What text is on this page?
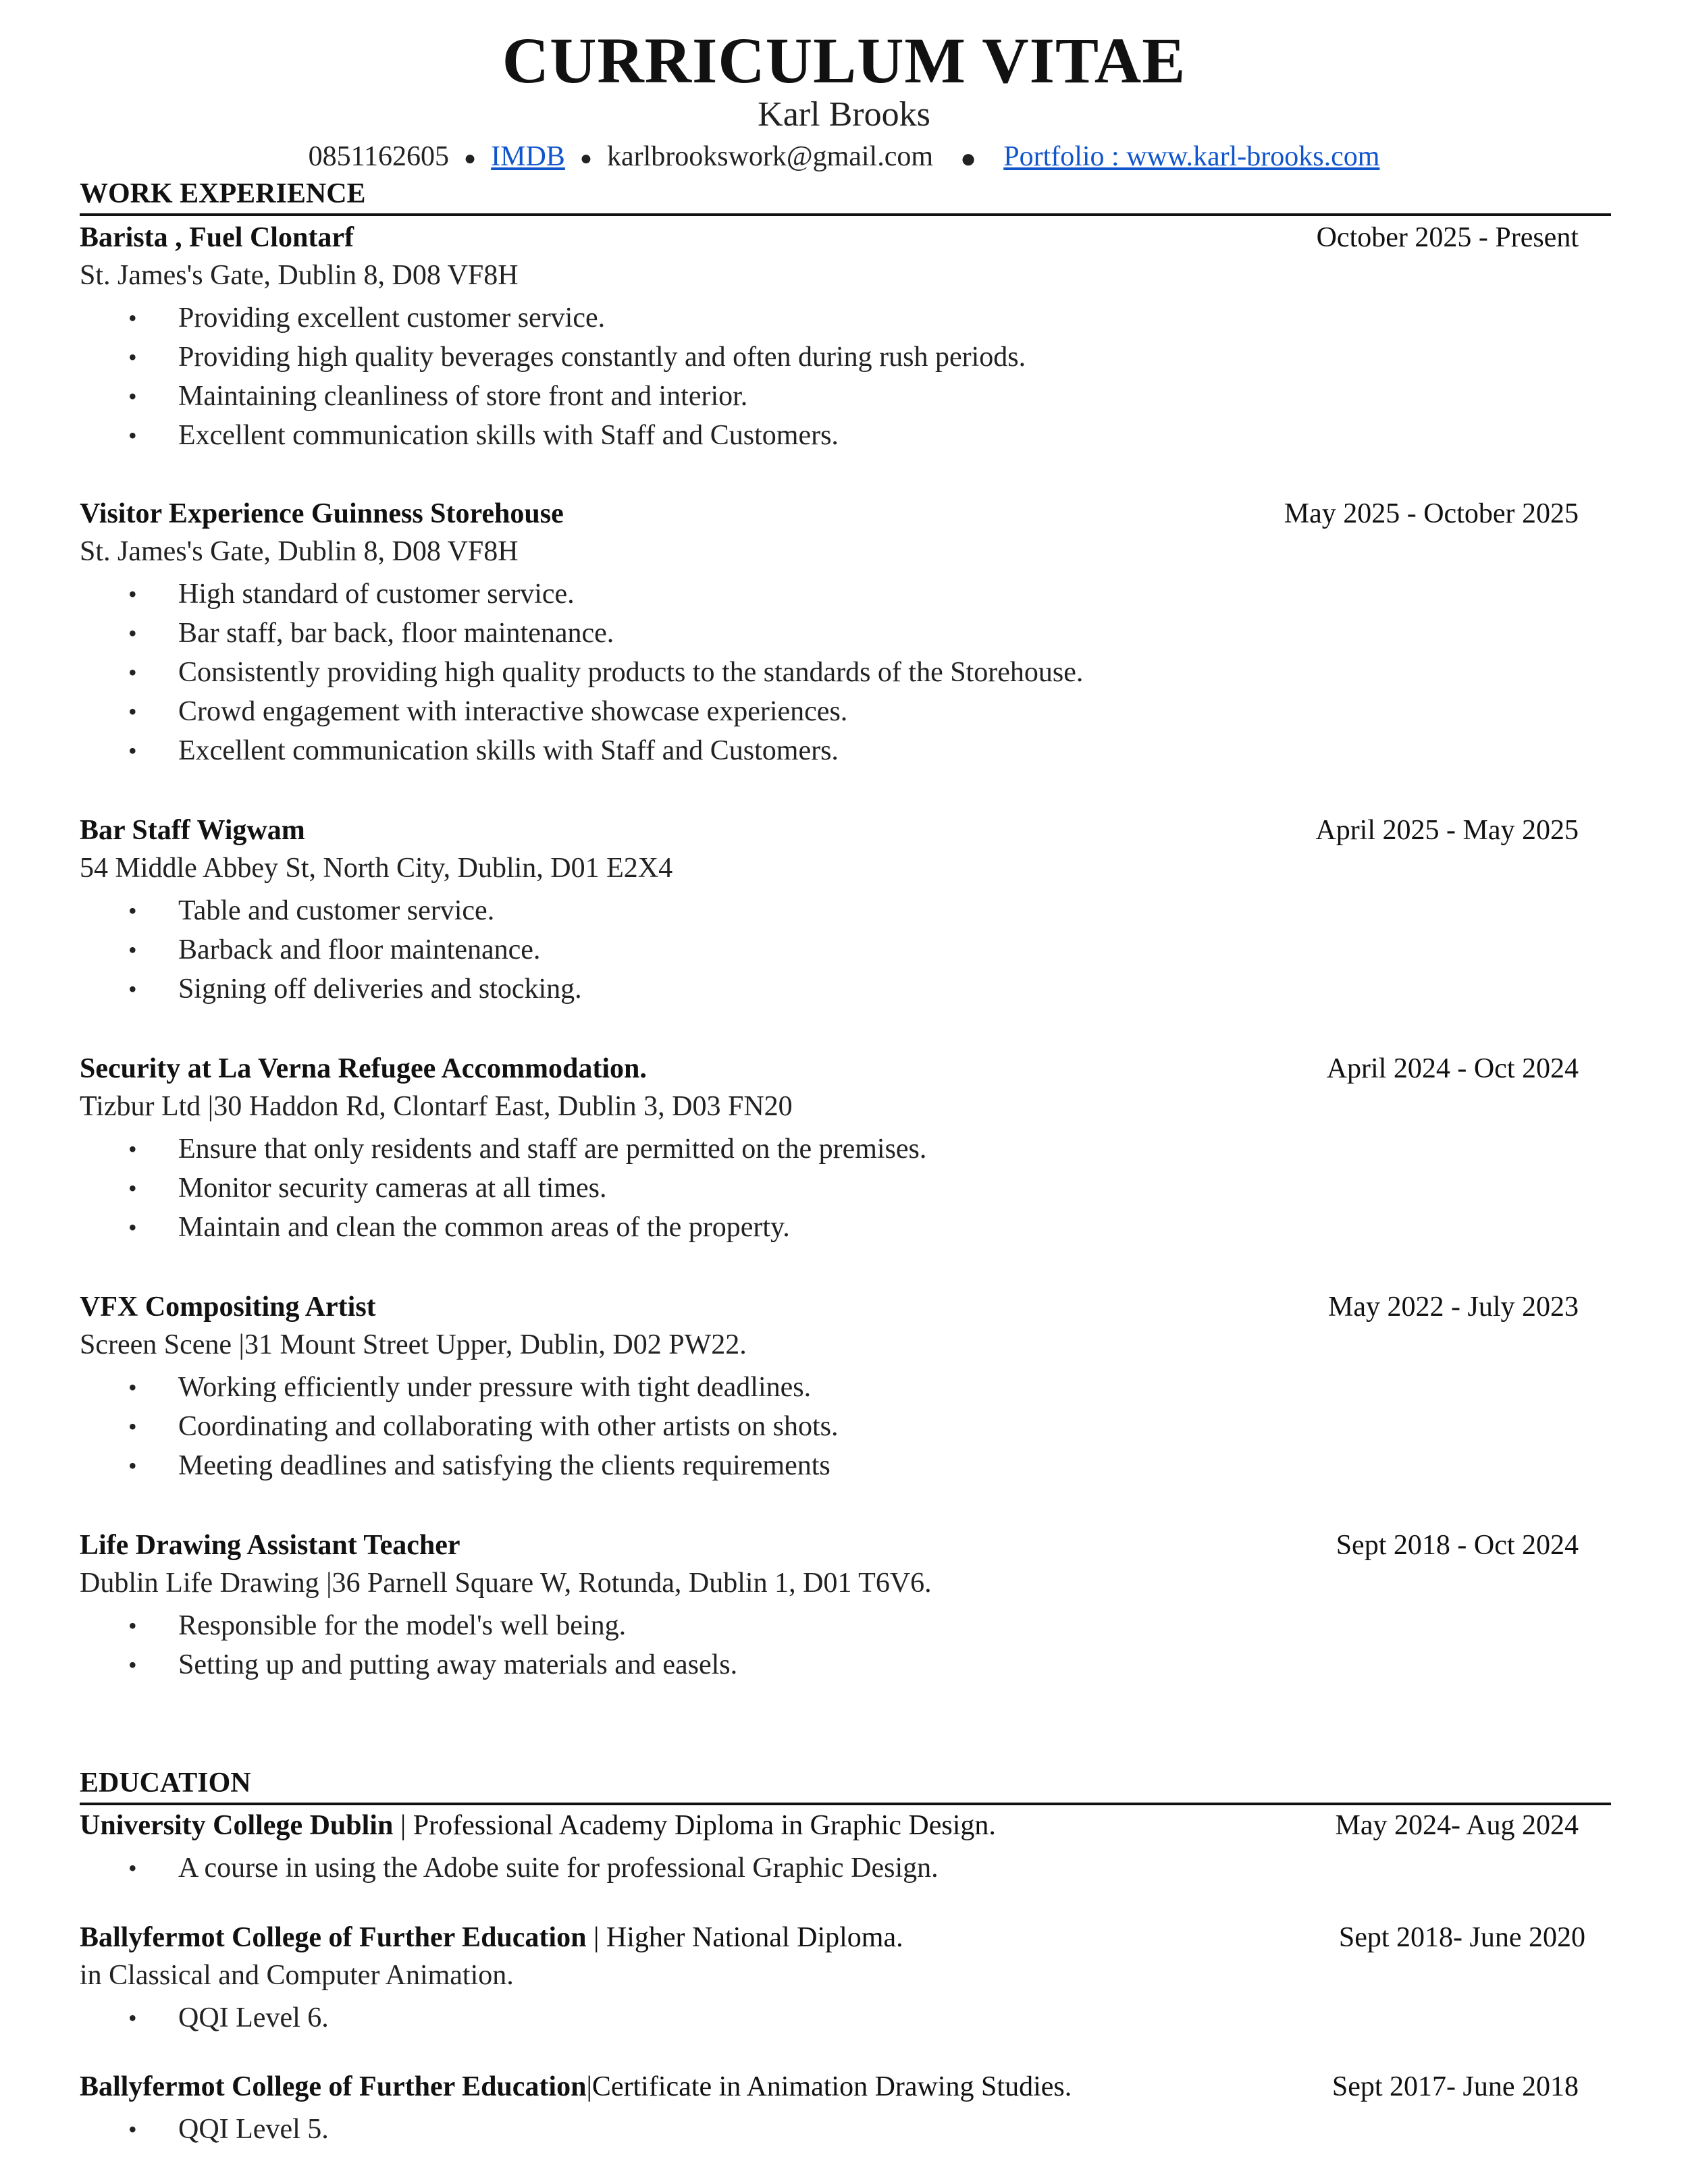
CURRICULUM VITAE
Karl Brooks
0851162605 ● IMDB ● karlbrookswork@gmail.com ● Portfolio : www.karl-brooks.com
WORK EXPERIENCE
Barista , Fuel Clontarf	October 2025 - Present
St. James's Gate, Dublin 8, D08 VF8H
• Providing excellent customer service.
• Providing high quality beverages constantly and often during rush periods.
• Maintaining cleanliness of store front and interior.
• Excellent communication skills with Staff and Customers.
Visitor Experience Guinness Storehouse	May 2025 - October 2025
St. James's Gate, Dublin 8, D08 VF8H
• High standard of customer service.
• Bar staff, bar back, floor maintenance.
• Consistently providing high quality products to the standards of the Storehouse.
• Crowd engagement with interactive showcase experiences.
• Excellent communication skills with Staff and Customers.
Bar Staff Wigwam	April 2025 - May 2025
54 Middle Abbey St, North City, Dublin, D01 E2X4
• Table and customer service.
• Barback and floor maintenance.
• Signing off deliveries and stocking.
Security at La Verna Refugee Accommodation.	April 2024 - Oct 2024
Tizbur Ltd |30 Haddon Rd, Clontarf East, Dublin 3, D03 FN20
• Ensure that only residents and staff are permitted on the premises.
• Monitor security cameras at all times.
• Maintain and clean the common areas of the property.
VFX Compositing Artist	May 2022 - July 2023
Screen Scene |31 Mount Street Upper, Dublin, D02 PW22.
• Working efficiently under pressure with tight deadlines.
• Coordinating and collaborating with other artists on shots.
• Meeting deadlines and satisfying the clients requirements
Life Drawing Assistant Teacher	Sept 2018 - Oct 2024
Dublin Life Drawing |36 Parnell Square W, Rotunda, Dublin 1, D01 T6V6.
• Responsible for the model's well being.
• Setting up and putting away materials and easels.
EDUCATION
University College Dublin | Professional Academy Diploma in Graphic Design.	May 2024- Aug 2024
• A course in using the Adobe suite for professional Graphic Design.
Ballyfermot College of Further Education | Higher National Diploma.	Sept 2018- June 2020
in Classical and Computer Animation.
• QQI Level 6.
Ballyfermot College of Further Education|Certificate in Animation Drawing Studies.	Sept 2017- June 2018
• QQI Level 5.
